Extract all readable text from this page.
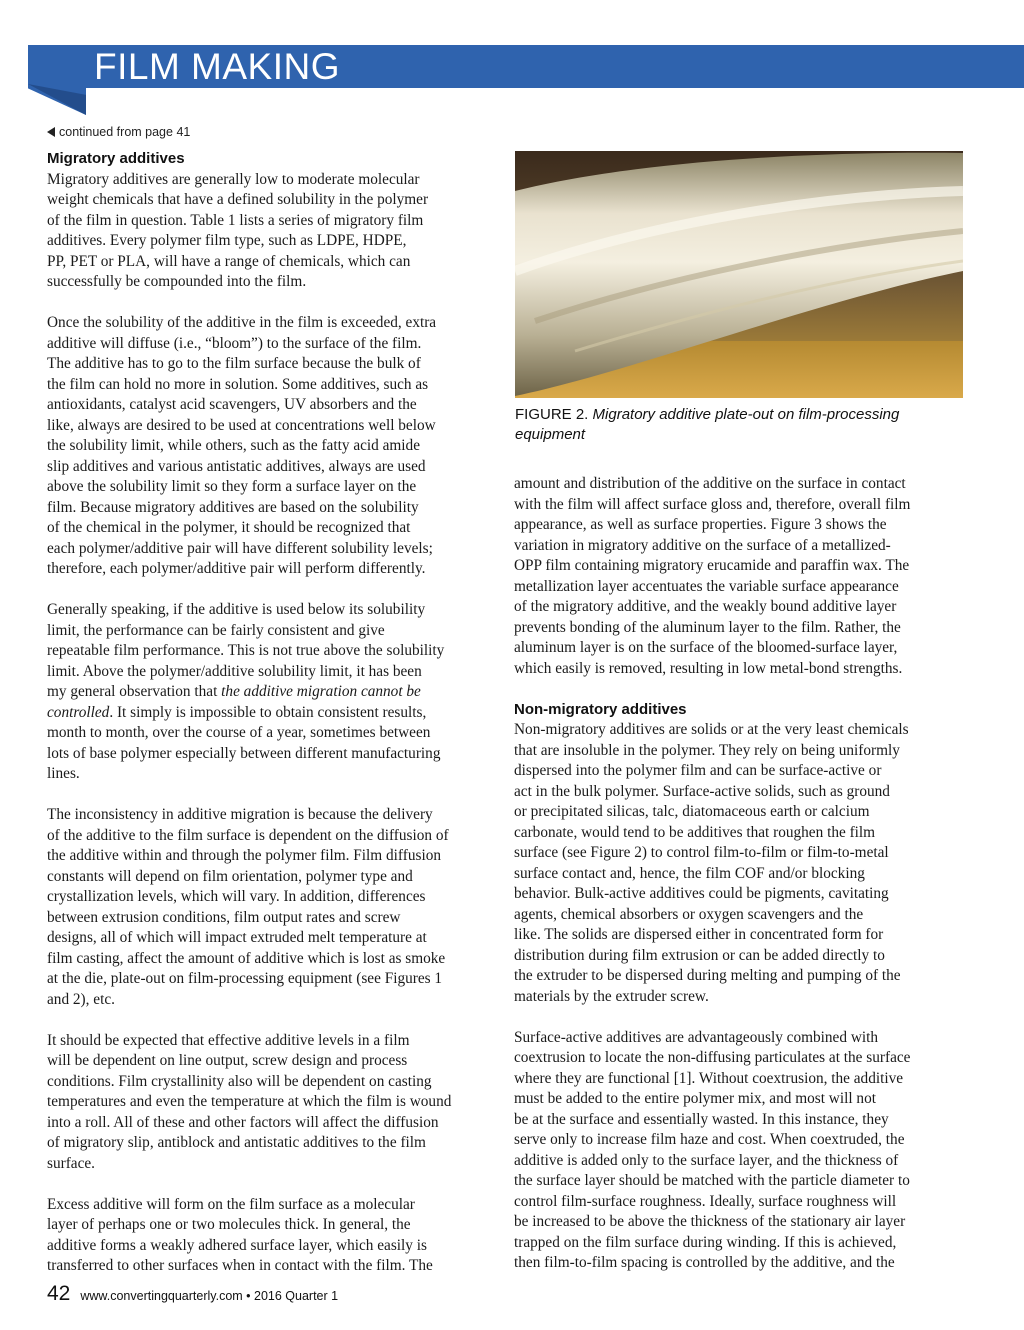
FILM MAKING
continued from page 41
Migratory additives

Migratory additives are generally low to moderate molecular
weight chemicals that have a defined solubility in the polymer
of the film in question. Table 1 lists a series of migratory film
additives. Every polymer film type, such as LDPE, HDPE,
PP, PET or PLA, will have a range of chemicals, which can
successfully be compounded into the film.

Once the solubility of the additive in the film is exceeded, extra
additive will diffuse (i.e., “bloom”) to the surface of the film.
The additive has to go to the film surface because the bulk of
the film can hold no more in solution. Some additives, such as
antioxidants, catalyst acid scavengers, UV absorbers and the
like, always are desired to be used at concentrations well below
the solubility limit, while others, such as the fatty acid amide
slip additives and various antistatic additives, always are used
above the solubility limit so they form a surface layer on the
film. Because migratory additives are based on the solubility
of the chemical in the polymer, it should be recognized that
each polymer/additive pair will have different solubility levels;
therefore, each polymer/additive pair will perform differently.

Generally speaking, if the additive is used below its solubility
limit, the performance can be fairly consistent and give
repeatable film performance. This is not true above the solubility
limit. Above the polymer/additive solubility limit, it has been
my general observation that the additive migration cannot be
controlled. It simply is impossible to obtain consistent results,
month to month, over the course of a year, sometimes between
lots of base polymer especially between different manufacturing
lines.

The inconsistency in additive migration is because the delivery
of the additive to the film surface is dependent on the diffusion of
the additive within and through the polymer film. Film diffusion
constants will depend on film orientation, polymer type and
crystallization levels, which will vary. In addition, differences
between extrusion conditions, film output rates and screw
designs, all of which will impact extruded melt temperature at
film casting, affect the amount of additive which is lost as smoke
at the die, plate-out on film-processing equipment (see Figures 1
and 2), etc.

It should be expected that effective additive levels in a film
will be dependent on line output, screw design and process
conditions. Film crystallinity also will be dependent on casting
temperatures and even the temperature at which the film is wound
into a roll. All of these and other factors will affect the diffusion
of migratory slip, antiblock and antistatic additives to the film
surface.

Excess additive will form on the film surface as a molecular
layer of perhaps one or two molecules thick. In general, the
additive forms a weakly adhered surface layer, which easily is
transferred to other surfaces when in contact with the film. The

FIGURE 2. Migratory additive plate-out on film-processing equipment

amount and distribution of the additive on the surface in contact
with the film will affect surface gloss and, therefore, overall film
appearance, as well as surface properties. Figure 3 shows the
variation in migratory additive on the surface of a metallized-
OPP film containing migratory erucamide and paraffin wax. The
metallization layer accentuates the variable surface appearance
of the migratory additive, and the weakly bound additive layer
prevents bonding of the aluminum layer to the film. Rather, the
aluminum layer is on the surface of the bloomed-surface layer,
which easily is removed, resulting in low metal-bond strengths.

Non-migratory additives

Non-migratory additives are solids or at the very least chemicals
that are insoluble in the polymer. They rely on being uniformly
dispersed into the polymer film and can be surface-active or
act in the bulk polymer. Surface-active solids, such as ground
or precipitated silicas, talc, diatomaceous earth or calcium
carbonate, would tend to be additives that roughen the film
surface (see Figure 2) to control film-to-film or film-to-metal
surface contact and, hence, the film COF and/or blocking
behavior. Bulk-active additives could be pigments, cavitating
agents, chemical absorbers or oxygen scavengers and the
like. The solids are dispersed either in concentrated form for
distribution during film extrusion or can be added directly to
the extruder to be dispersed during melting and pumping of the
materials by the extruder screw.

Surface-active additives are advantageously combined with
coextrusion to locate the non-diffusing particulates at the surface
where they are functional [1]. Without coextrusion, the additive
must be added to the entire polymer mix, and most will not
be at the surface and essentially wasted. In this instance, they
serve only to increase film haze and cost. When coextruded, the
additive is added only to the surface layer, and the thickness of
the surface layer should be matched with the particle diameter to
control film-surface roughness. Ideally, surface roughness will
be increased to be above the thickness of the stationary air layer
trapped on the film surface during winding. If this is achieved,
then film-to-film spacing is controlled by the additive, and the

42 www.convertingquarterly.com • 2016 Quarter 1
